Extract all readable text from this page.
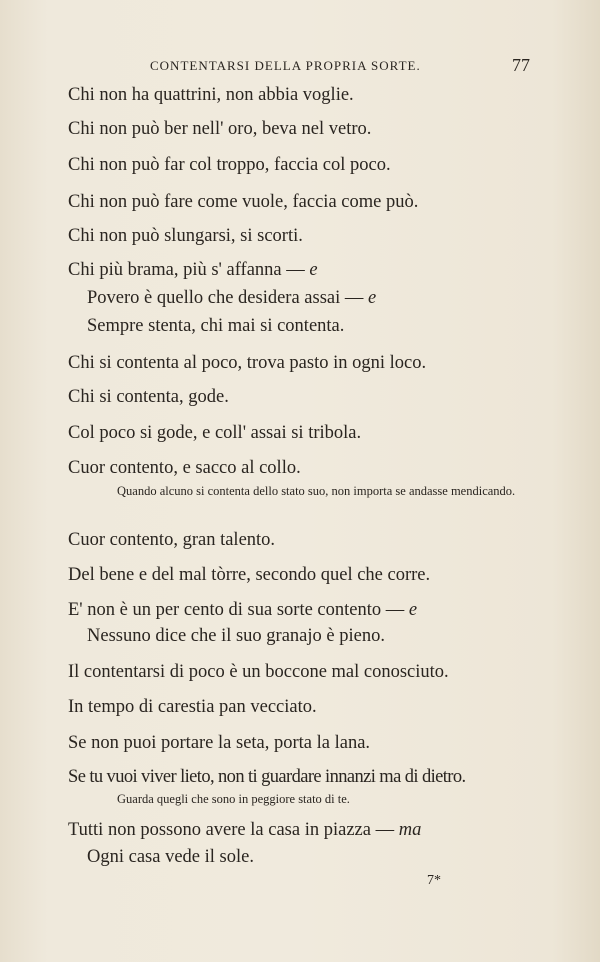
CONTENTARSI DELLA PROPRIA SORTE.	77
Chi non ha quattrini, non abbia voglie.
Chi non può ber nell' oro, beva nel vetro.
Chi non può far col troppo, faccia col poco.
Chi non può fare come vuole, faccia come può.
Chi non può slungarsi, si scorti.
Chi più brama, più s' affanna — e
Povero è quello che desidera assai — e
Sempre stenta, chi mai si contenta.
Chi si contenta al poco, trova pasto in ogni loco.
Chi si contenta, gode.
Col poco si gode, e coll' assai si tribola.
Cuor contento, e sacco al collo.
Quando alcuno si contenta dello stato suo, non importa se andasse mendicando.
Cuor contento, gran talento.
Del bene e del mal tòrre, secondo quel che corre.
E' non è un per cento di sua sorte contento — e
Nessuno dice che il suo granajo è pieno.
Il contentarsi di poco è un boccone mal conosciuto.
In tempo di carestia pan vecciato.
Se non puoi portare la seta, porta la lana.
Se tu vuoi viver lieto, non ti guardare innanzi ma di dietro.
Guarda quegli che sono in peggiore stato di te.
Tutti non possono avere la casa in piazza — ma
Ogni casa vede il sole.
7*
